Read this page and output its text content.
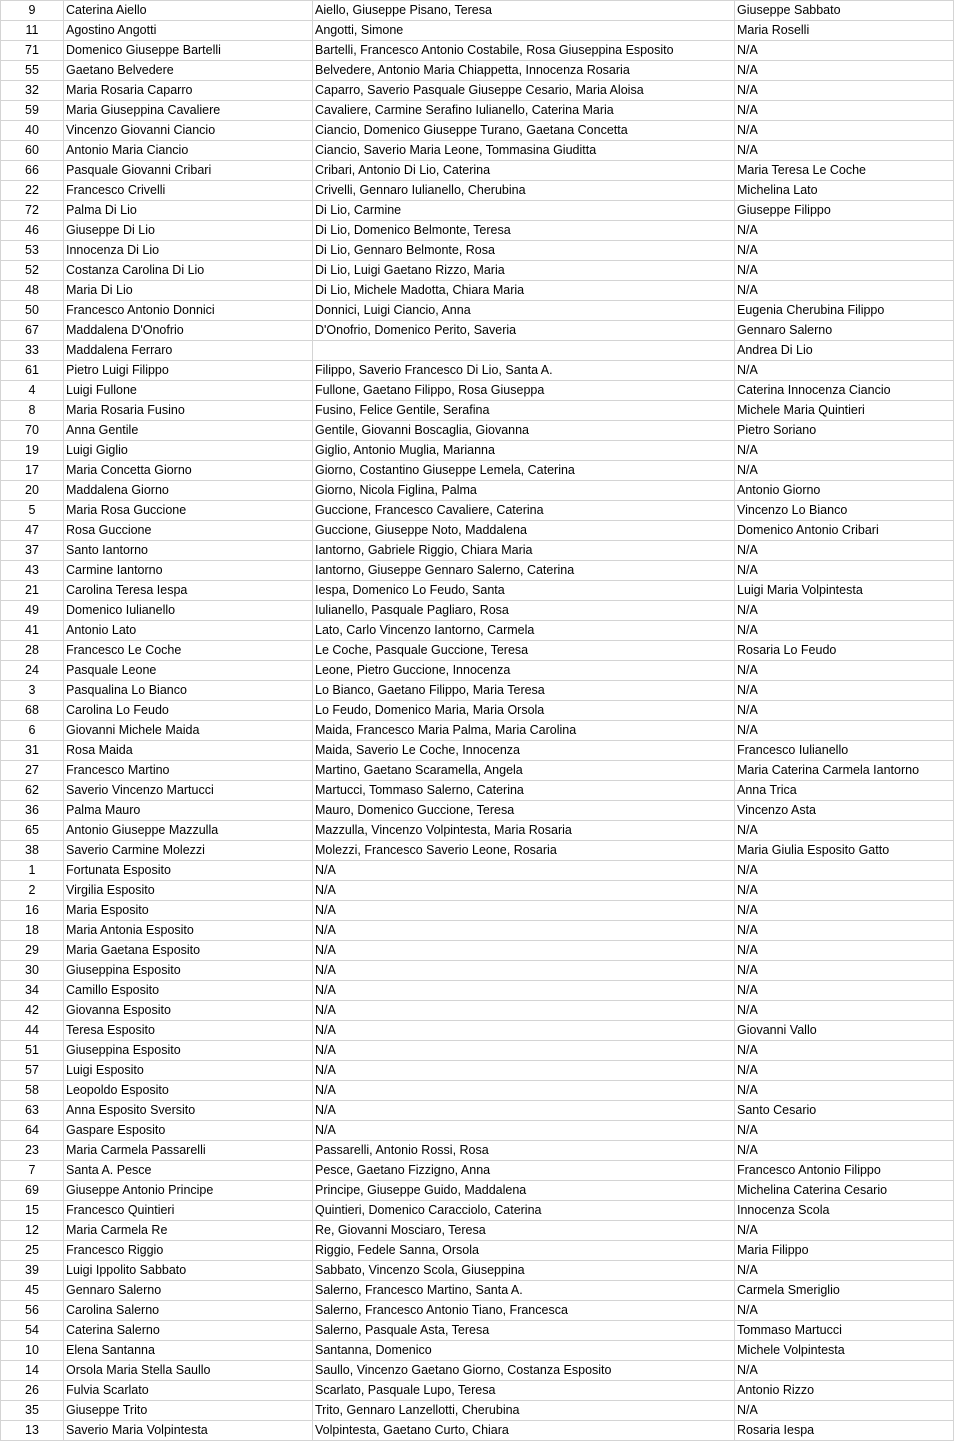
9	Caterina Aiello	Aiello, Giuseppe Pisano, Teresa	Giuseppe Sabbato
11	Agostino Angotti	Angotti, Simone	Maria Roselli
71	Domenico Giuseppe Bartelli	Bartelli, Francesco Antonio Costabile, Rosa Giuseppina Esposito	N/A
55	Gaetano Belvedere	Belvedere, Antonio Maria Chiappetta, Innocenza Rosaria	N/A
32	Maria Rosaria Caparro	Caparro, Saverio Pasquale Giuseppe Cesario, Maria Aloisa	N/A
59	Maria Giuseppina Cavaliere	Cavaliere, Carmine Serafino Iulianello, Caterina Maria	N/A
40	Vincenzo Giovanni Ciancio	Ciancio, Domenico Giuseppe Turano, Gaetana Concetta	N/A
60	Antonio Maria Ciancio	Ciancio, Saverio Maria Leone, Tommasina Giuditta	N/A
66	Pasquale Giovanni Cribari	Cribari, Antonio Di Lio, Caterina	Maria Teresa Le Coche
22	Francesco Crivelli	Crivelli, Gennaro Iulianello, Cherubina	Michelina Lato
72	Palma Di Lio	Di Lio, Carmine	Giuseppe Filippo
46	Giuseppe Di Lio	Di Lio, Domenico Belmonte, Teresa	N/A
53	Innocenza Di Lio	Di Lio, Gennaro Belmonte, Rosa	N/A
52	Costanza Carolina Di Lio	Di Lio, Luigi Gaetano Rizzo, Maria	N/A
48	Maria Di Lio	Di Lio, Michele Madotta, Chiara Maria	N/A
50	Francesco Antonio Donnici	Donnici, Luigi Ciancio, Anna	Eugenia Cherubina Filippo
67	Maddalena D'Onofrio	D'Onofrio, Domenico Perito, Saveria	Gennaro Salerno
33	Maddalena Ferraro		Andrea Di Lio
61	Pietro Luigi Filippo	Filippo, Saverio Francesco Di Lio, Santa A.	N/A
4	Luigi Fullone	Fullone, Gaetano Filippo, Rosa Giuseppa	Caterina Innocenza Ciancio
8	Maria Rosaria Fusino	Fusino, Felice Gentile, Serafina	Michele Maria Quintieri
70	Anna Gentile	Gentile, Giovanni Boscaglia, Giovanna	Pietro Soriano
19	Luigi Giglio	Giglio, Antonio Muglia, Marianna	N/A
17	Maria Concetta Giorno	Giorno, Costantino Giuseppe Lemela, Caterina	N/A
20	Maddalena Giorno	Giorno, Nicola Figlina, Palma	Antonio Giorno
5	Maria Rosa Guccione	Guccione, Francesco Cavaliere, Caterina	Vincenzo Lo Bianco
47	Rosa Guccione	Guccione, Giuseppe Noto, Maddalena	Domenico Antonio Cribari
37	Santo Iantorno	Iantorno, Gabriele Riggio, Chiara Maria	N/A
43	Carmine Iantorno	Iantorno, Giuseppe Gennaro Salerno, Caterina	N/A
21	Carolina Teresa Iespa	Iespa, Domenico Lo Feudo, Santa	Luigi Maria Volpintesta
49	Domenico Iulianello	Iulianello, Pasquale Pagliaro, Rosa	N/A
41	Antonio Lato	Lato, Carlo Vincenzo Iantorno, Carmela	N/A
28	Francesco Le Coche	Le Coche, Pasquale Guccione, Teresa	Rosaria Lo Feudo
24	Pasquale Leone	Leone, Pietro Guccione, Innocenza	N/A
3	Pasqualina Lo Bianco	Lo Bianco, Gaetano Filippo, Maria Teresa	N/A
68	Carolina Lo Feudo	Lo Feudo, Domenico Maria, Maria Orsola	N/A
6	Giovanni Michele Maida	Maida, Francesco Maria Palma, Maria Carolina	N/A
31	Rosa Maida	Maida, Saverio Le Coche, Innocenza	Francesco Iulianello
27	Francesco Martino	Martino, Gaetano Scaramella, Angela	Maria Caterina Carmela Iantorno
62	Saverio Vincenzo Martucci	Martucci, Tommaso Salerno, Caterina	Anna Trica
36	Palma Mauro	Mauro, Domenico Guccione, Teresa	Vincenzo Asta
65	Antonio Giuseppe Mazzulla	Mazzulla, Vincenzo Volpintesta, Maria Rosaria	N/A
38	Saverio Carmine Molezzi	Molezzi, Francesco Saverio Leone, Rosaria	Maria Giulia Esposito Gatto
1	Fortunata Esposito	N/A	N/A
2	Virgilia Esposito	N/A	N/A
16	Maria Esposito	N/A	N/A
18	Maria Antonia Esposito	N/A	N/A
29	Maria Gaetana Esposito	N/A	N/A
30	Giuseppina Esposito	N/A	N/A
34	Camillo Esposito	N/A	N/A
42	Giovanna Esposito	N/A	N/A
44	Teresa Esposito	N/A	Giovanni Vallo
51	Giuseppina Esposito	N/A	N/A
57	Luigi Esposito	N/A	N/A
58	Leopoldo Esposito	N/A	N/A
63	Anna Esposito Sversito	N/A	Santo Cesario
64	Gaspare Esposito	N/A	N/A
23	Maria Carmela Passarelli	Passarelli, Antonio Rossi, Rosa	N/A
7	Santa A. Pesce	Pesce, Gaetano Fizzigno, Anna	Francesco Antonio Filippo
69	Giuseppe Antonio Principe	Principe, Giuseppe Guido, Maddalena	Michelina Caterina Cesario
15	Francesco Quintieri	Quintieri, Domenico Caracciolo, Caterina	Innocenza Scola
12	Maria Carmela Re	Re, Giovanni Mosciaro, Teresa	N/A
25	Francesco Riggio	Riggio, Fedele Sanna, Orsola	Maria Filippo
39	Luigi Ippolito Sabbato	Sabbato, Vincenzo Scola, Giuseppina	N/A
45	Gennaro Salerno	Salerno, Francesco Martino, Santa A.	Carmela Smeriglio
56	Carolina Salerno	Salerno, Francesco Antonio Tiano, Francesca	N/A
54	Caterina Salerno	Salerno, Pasquale Asta, Teresa	Tommaso Martucci
10	Elena Santanna	Santanna, Domenico	Michele Volpintesta
14	Orsola Maria Stella Saullo	Saullo, Vincenzo Gaetano Giorno, Costanza Esposito	N/A
26	Fulvia Scarlato	Scarlato, Pasquale Lupo, Teresa	Antonio Rizzo
35	Giuseppe Trito	Trito, Gennaro Lanzellotti, Cherubina	N/A
13	Saverio Maria Volpintesta	Volpintesta, Gaetano Curto, Chiara	Rosaria Iespa
